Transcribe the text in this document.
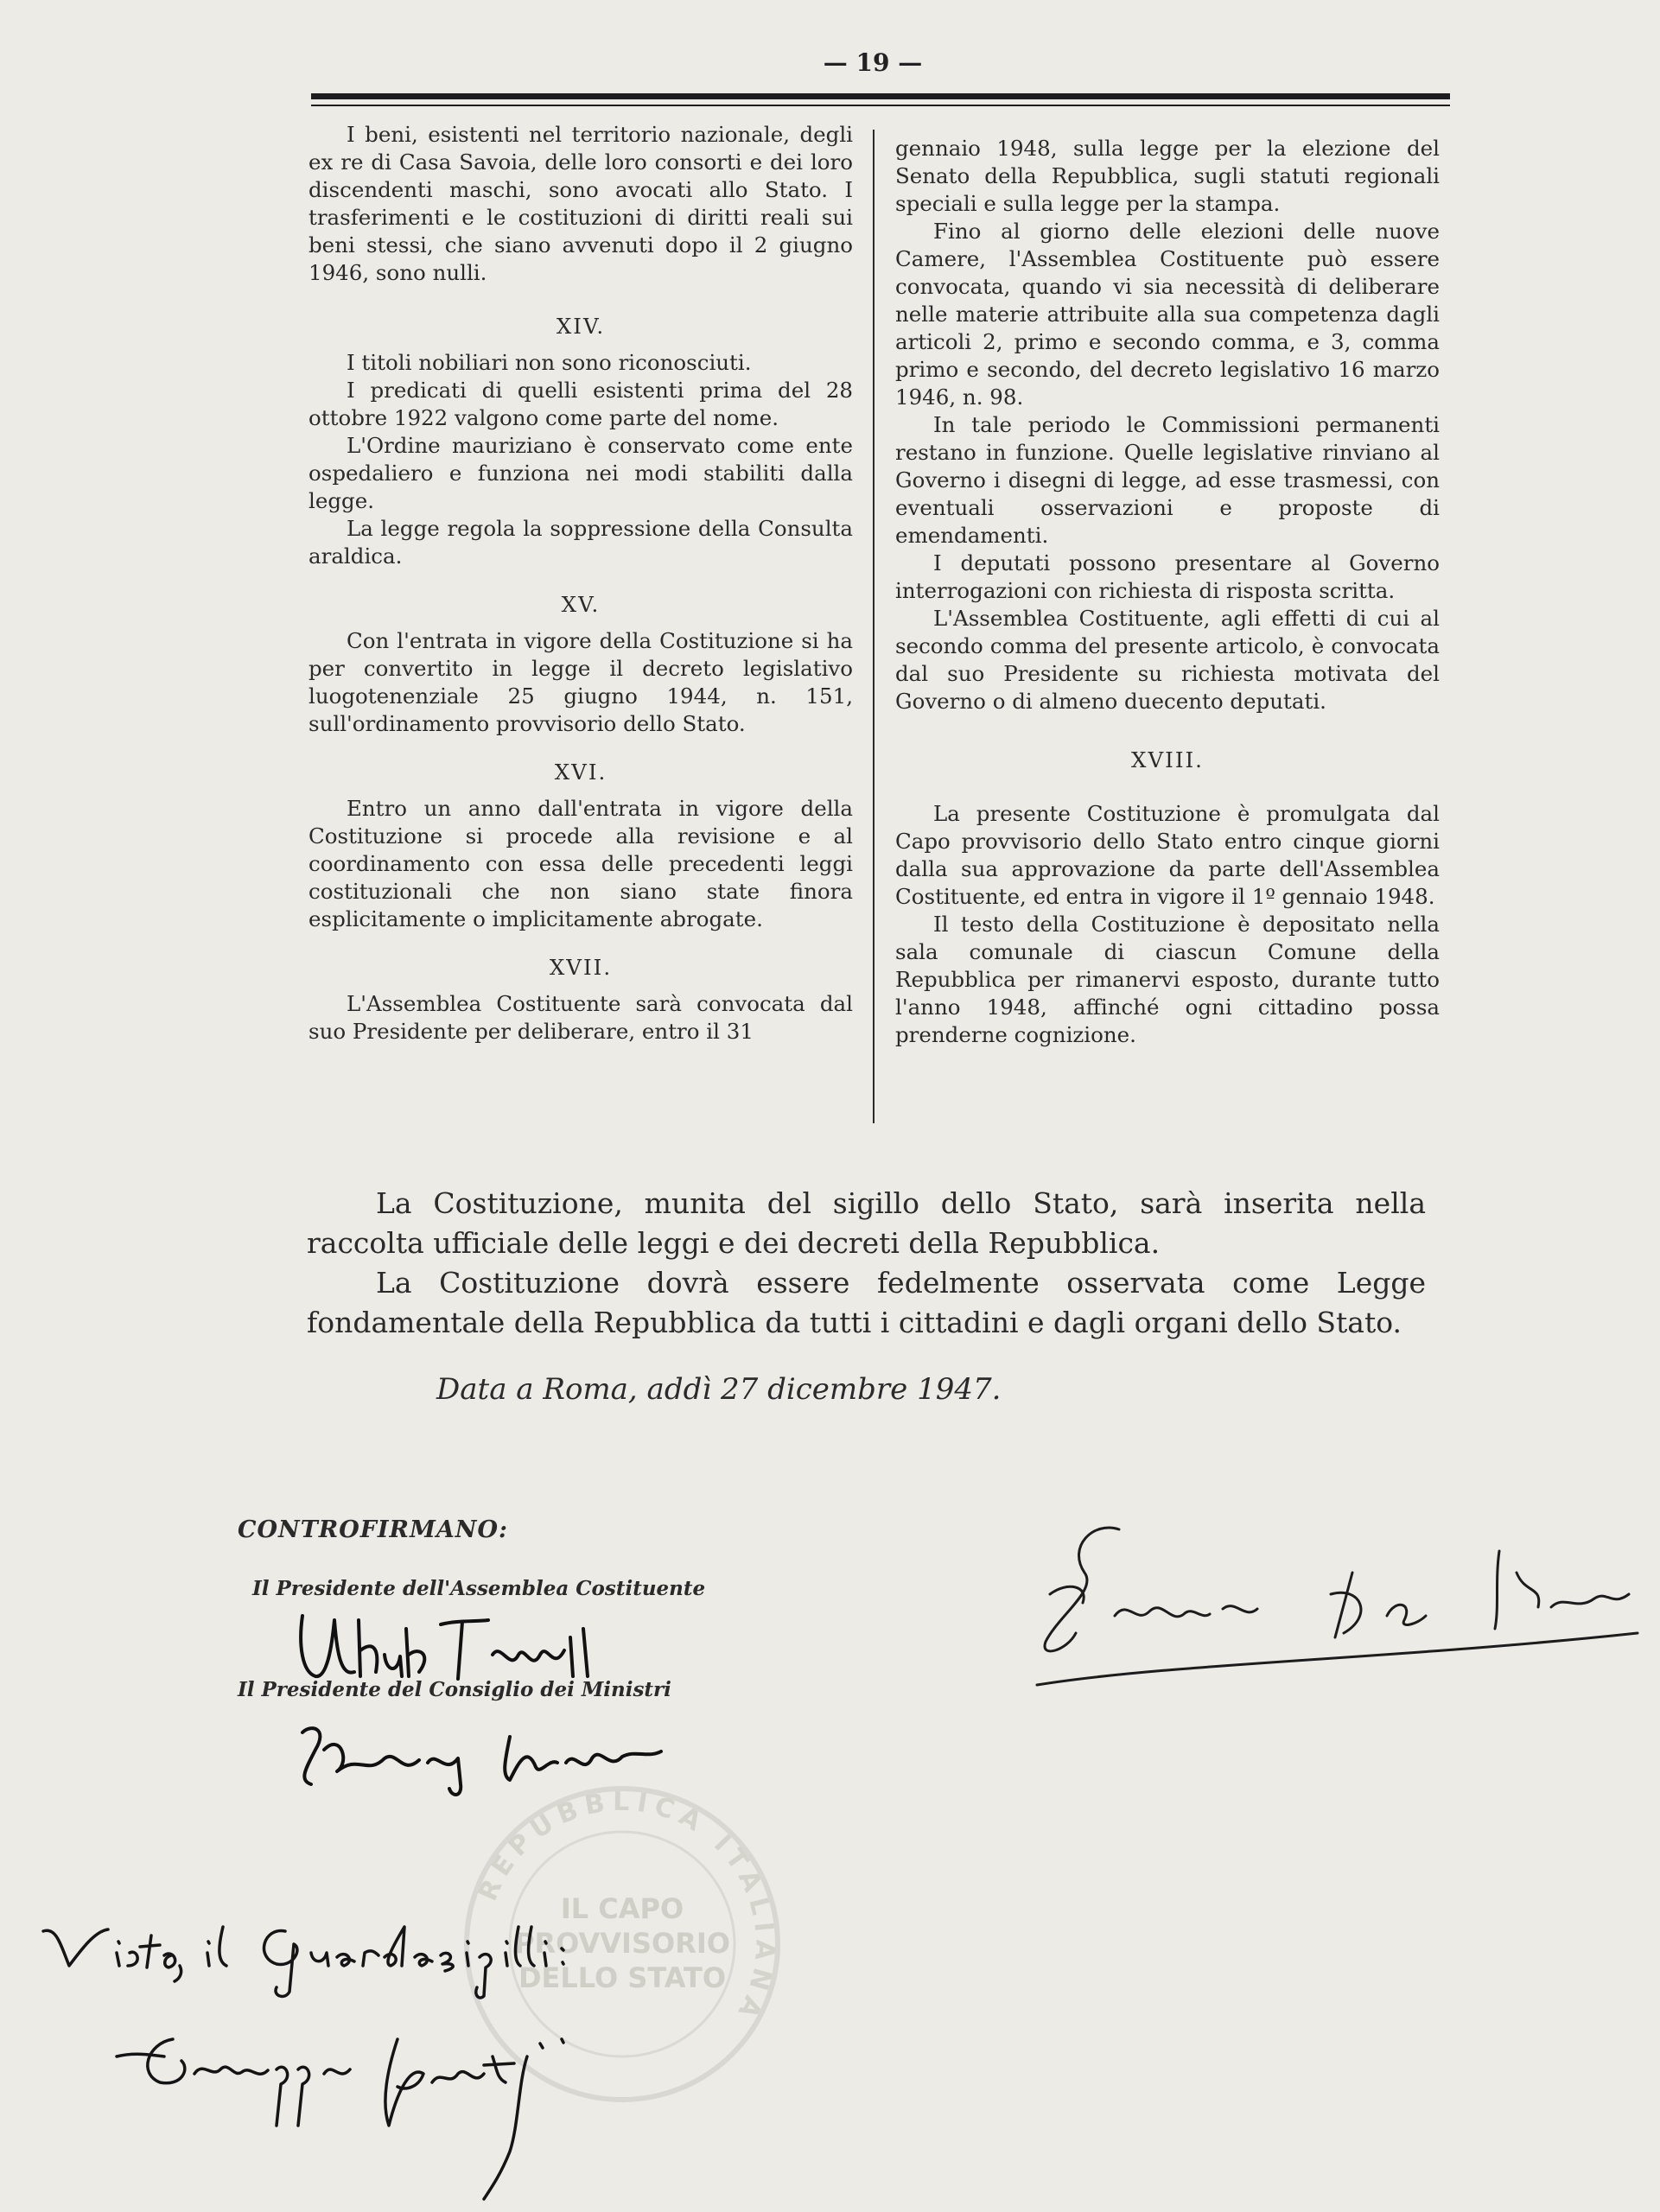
— 19 —

I beni, esistenti nel territorio nazionale, degli ex re di Casa Savoia, delle loro consorti e dei loro discendenti maschi, sono avocati allo Stato. I trasferimenti e le costituzioni di diritti reali sui beni stessi, che siano avvenuti dopo il 2 giugno 1946, sono nulli.

XIV.

I titoli nobiliari non sono riconosciuti.

I predicati di quelli esistenti prima del 28 ottobre 1922 valgono come parte del nome.

L'Ordine mauriziano è conservato come ente ospedaliero e funziona nei modi stabiliti dalla legge.

La legge regola la soppressione della Consulta araldica.

XV.

Con l'entrata in vigore della Costituzione si ha per convertito in legge il decreto legislativo luogotenenziale 25 giugno 1944, n. 151, sull'ordinamento provvisorio dello Stato.

XVI.

Entro un anno dall'entrata in vigore della Costituzione si procede alla revisione e al coordinamento con essa delle precedenti leggi costituzionali che non siano state finora esplicitamente o implicitamente abrogate.

XVII.

L'Assemblea Costituente sarà convocata dal suo Presidente per deliberare, entro il 31

gennaio 1948, sulla legge per la elezione del Senato della Repubblica, sugli statuti regionali speciali e sulla legge per la stampa.

Fino al giorno delle elezioni delle nuove Camere, l'Assemblea Costituente può essere convocata, quando vi sia necessità di deliberare nelle materie attribuite alla sua competenza dagli articoli 2, primo e secondo comma, e 3, comma primo e secondo, del decreto legislativo 16 marzo 1946, n. 98.

In tale periodo le Commissioni permanenti restano in funzione. Quelle legislative rinviano al Governo i disegni di legge, ad esse trasmessi, con eventuali osservazioni e proposte di emendamenti.

I deputati possono presentare al Governo interrogazioni con richiesta di risposta scritta.

L'Assemblea Costituente, agli effetti di cui al secondo comma del presente articolo, è convocata dal suo Presidente su richiesta motivata del Governo o di almeno duecento deputati.

XVIII.

La presente Costituzione è promulgata dal Capo provvisorio dello Stato entro cinque giorni dalla sua approvazione da parte dell'Assemblea Costituente, ed entra in vigore il 1º gennaio 1948.

Il testo della Costituzione è depositato nella sala comunale di ciascun Comune della Repubblica per rimanervi esposto, durante tutto l'anno 1948, affinché ogni cittadino possa prenderne cognizione.

La Costituzione, munita del sigillo dello Stato, sarà inserita nella raccolta ufficiale delle leggi e dei decreti della Repubblica.

La Costituzione dovrà essere fedelmente osservata come Legge fondamentale della Repubblica da tutti i cittadini e dagli organi dello Stato.

Data a Roma, addì 27 dicembre 1947.
CONTROFIRMANO:
Il Presidente dell'Assemblea Costituente
Il Presidente del Consiglio dei Ministri
REPUBBLICA ITALIANA
IL CAPO
PROVVISORIO
DELLO STATO
